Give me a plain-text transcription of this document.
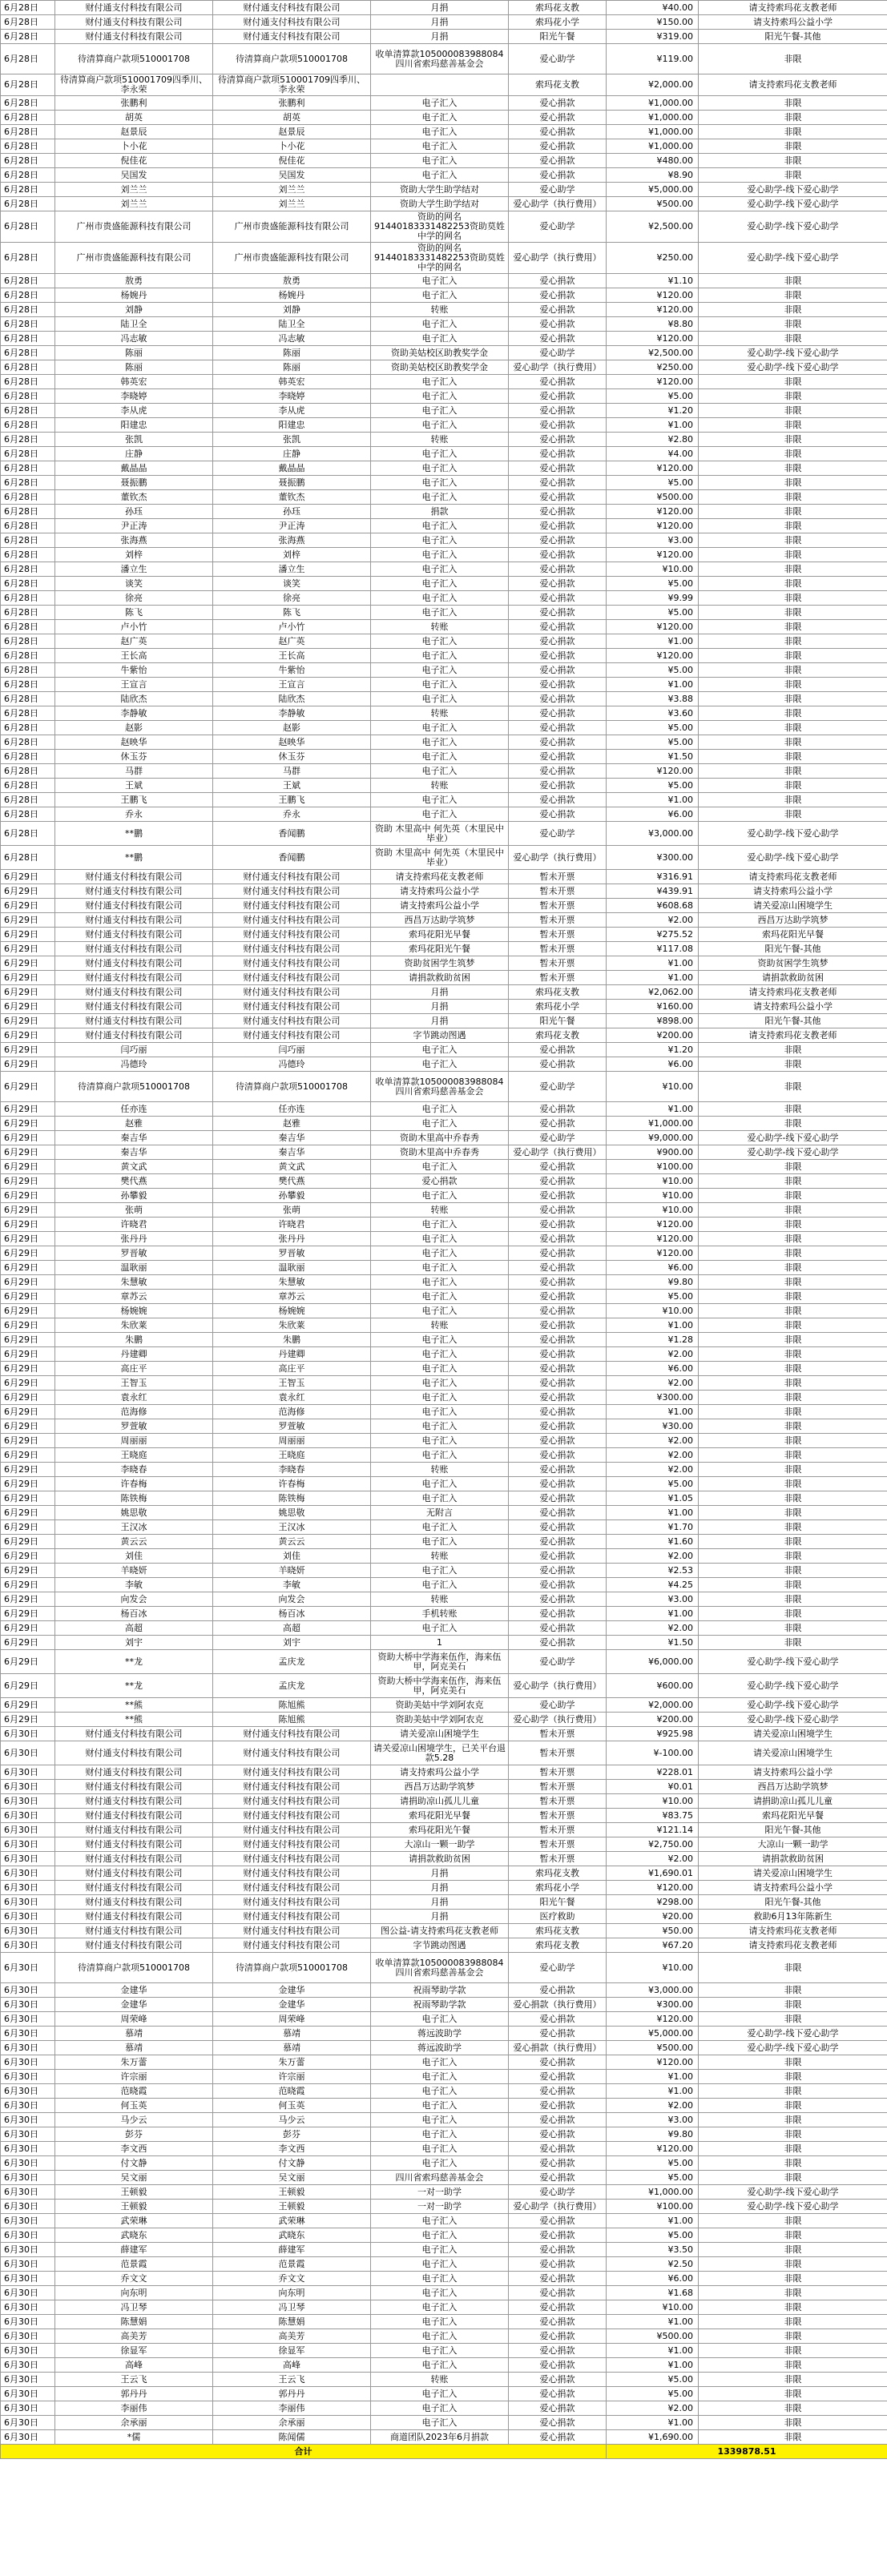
6月28日	财付通支付科技有限公司	财付通支付科技有限公司	月捐	索玛花支教	¥40.00	请支持索玛花支教老师
6月28日	财付通支付科技有限公司	财付通支付科技有限公司	月捐	索玛花小学	¥150.00	请支持索玛公益小学
6月28日	财付通支付科技有限公司	财付通支付科技有限公司	月捐	阳光午餐	¥319.00	阳光午餐-其他
6月28日	待清算商户款项510001708	待清算商户款项510001708	收单清算款105000083988084四川省索玛慈善基金会	爱心助学	¥119.00	非限
6月28日	待清算商户款项510001709四季川、李永荣	待清算商户款项510001709四季川、李永荣		索玛花支教	¥2,000.00	请支持索玛花支教老师
6月28日	张鹏利	张鹏利	电子汇入	爱心捐款	¥1,000.00	非限
6月28日	胡英	胡英	电子汇入	爱心捐款	¥1,000.00	非限
6月28日	赵景辰	赵景辰	电子汇入	爱心捐款	¥1,000.00	非限
6月28日	卜小花	卜小花	电子汇入	爱心捐款	¥1,000.00	非限
6月28日	倪佳花	倪佳花	电子汇入	爱心捐款	¥480.00	非限
6月28日	吴国发	吴国发	电子汇入	爱心捐款	¥8.90	非限
6月28日	刘兰兰	刘兰兰	资助大学生助学结对	爱心助学	¥5,000.00	爱心助学-线下爱心助学
6月28日	刘兰兰	刘兰兰	资助大学生助学结对	爱心助学（执行费用）	¥500.00	爱心助学-线下爱心助学
6月28日	广州市贵盛能源科技有限公司	广州市贵盛能源科技有限公司	资助的网名91440183331482253资助莫姓中学的网名	爱心助学	¥2,500.00	爱心助学-线下爱心助学
6月28日	广州市贵盛能源科技有限公司	广州市贵盛能源科技有限公司	资助的网名91440183331482253资助莫姓中学的网名	爱心助学（执行费用）	¥250.00	爱心助学-线下爱心助学
6月28日	敖勇	敖勇	电子汇入	爱心捐款	¥1.10	非限
6月28日	杨婉丹	杨婉丹	电子汇入	爱心捐款	¥120.00	非限
6月28日	刘静	刘静	转账	爱心捐款	¥120.00	非限
6月28日	陆卫全	陆卫全	电子汇入	爱心捐款	¥8.80	非限
6月28日	冯志敏	冯志敏	电子汇入	爱心捐款	¥120.00	非限
6月28日	陈丽	陈丽	资助美姑校区助教奖学金	爱心助学	¥2,500.00	爱心助学-线下爱心助学
6月28日	陈丽	陈丽	资助美姑校区助教奖学金	爱心助学（执行费用）	¥250.00	爱心助学-线下爱心助学
6月28日	韩英宏	韩英宏	电子汇入	爱心捐款	¥120.00	非限
6月28日	李晓婷	李晓婷	电子汇入	爱心捐款	¥5.00	非限
6月28日	李从虎	李从虎	电子汇入	爱心捐款	¥1.20	非限
6月28日	阳建忠	阳建忠	电子汇入	爱心捐款	¥1.00	非限
6月28日	张凯	张凯	转账	爱心捐款	¥2.80	非限
6月28日	庄静	庄静	电子汇入	爱心捐款	¥4.00	非限
6月28日	戴晶晶	戴晶晶	电子汇入	爱心捐款	¥120.00	非限
6月28日	聂振鹏	聂振鹏	电子汇入	爱心捐款	¥5.00	非限
6月28日	董钦杰	董钦杰	电子汇入	爱心捐款	¥500.00	非限
6月28日	孙珏	孙珏	捐款	爱心捐款	¥120.00	非限
6月28日	尹正涛	尹正涛	电子汇入	爱心捐款	¥120.00	非限
6月28日	张海燕	张海燕	电子汇入	爱心捐款	¥3.00	非限
6月28日	刘梓	刘梓	电子汇入	爱心捐款	¥120.00	非限
6月28日	潘立生	潘立生	电子汇入	爱心捐款	¥10.00	非限
6月28日	谈笑	谈笑	电子汇入	爱心捐款	¥5.00	非限
6月28日	徐亮	徐亮	电子汇入	爱心捐款	¥9.99	非限
6月28日	陈飞	陈飞	电子汇入	爱心捐款	¥5.00	非限
6月28日	卢小竹	卢小竹	转账	爱心捐款	¥120.00	非限
6月28日	赵广英	赵广英	电子汇入	爱心捐款	¥1.00	非限
6月28日	王长高	王长高	电子汇入	爱心捐款	¥120.00	非限
6月28日	牛紫怡	牛紫怡	电子汇入	爱心捐款	¥5.00	非限
6月28日	王宣言	王宣言	电子汇入	爱心捐款	¥1.00	非限
6月28日	陆欣杰	陆欣杰	电子汇入	爱心捐款	¥3.88	非限
6月28日	李静敏	李静敏	转账	爱心捐款	¥3.60	非限
6月28日	赵影	赵影	电子汇入	爱心捐款	¥5.00	非限
6月28日	赵映华	赵映华	电子汇入	爱心捐款	¥5.00	非限
6月28日	休玉芬	休玉芬	电子汇入	爱心捐款	¥1.50	非限
6月28日	马群	马群	电子汇入	爱心捐款	¥120.00	非限
6月28日	王斌	王斌	转账	爱心捐款	¥5.00	非限
6月28日	王鹏飞	王鹏飞	电子汇入	爱心捐款	¥1.00	非限
6月28日	乔永	乔永	电子汇入	爱心捐款	¥6.00	非限
6月28日	**鹏	香闻鹏	资助 木里高中 何先英（木里民中毕业）	爱心助学	¥3,000.00	爱心助学-线下爱心助学
6月28日	**鹏	香闻鹏	资助 木里高中 何先英（木里民中毕业）	爱心助学（执行费用）	¥300.00	爱心助学-线下爱心助学
6月29日	财付通支付科技有限公司	财付通支付科技有限公司	请支持索玛花支教老师	暂未开票	¥316.91	请支持索玛花支教老师
6月29日	财付通支付科技有限公司	财付通支付科技有限公司	请支持索玛公益小学	暂未开票	¥439.91	请支持索玛公益小学
6月29日	财付通支付科技有限公司	财付通支付科技有限公司	请支持索玛公益小学	暂未开票	¥608.68	请关爱凉山困境学生
6月29日	财付通支付科技有限公司	财付通支付科技有限公司	西昌万达助学筑梦	暂未开票	¥2.00	西昌万达助学筑梦
6月29日	财付通支付科技有限公司	财付通支付科技有限公司	索玛花阳光早餐	暂未开票	¥275.52	索玛花阳光早餐
6月29日	财付通支付科技有限公司	财付通支付科技有限公司	索玛花阳光午餐	暂未开票	¥117.08	阳光午餐-其他
6月29日	财付通支付科技有限公司	财付通支付科技有限公司	资助贫困学生筑梦	暂未开票	¥1.00	资助贫困学生筑梦
6月29日	财付通支付科技有限公司	财付通支付科技有限公司	请捐款救助贫困	暂未开票	¥1.00	请捐款救助贫困
6月29日	财付通支付科技有限公司	财付通支付科技有限公司	月捐	索玛花支教	¥2,062.00	请支持索玛花支教老师
6月29日	财付通支付科技有限公司	财付通支付科技有限公司	月捐	索玛花小学	¥160.00	请支持索玛公益小学
6月29日	财付通支付科技有限公司	财付通支付科技有限公司	月捐	阳光午餐	¥898.00	阳光午餐-其他
6月29日	财付通支付科技有限公司	财付通支付科技有限公司	字节跳动图遇	索玛花支教	¥200.00	请支持索玛花支教老师
6月29日	闫巧丽	闫巧丽	电子汇入	爱心捐款	¥1.20	非限
6月29日	冯德玲	冯德玲	电子汇入	爱心捐款	¥6.00	非限
6月29日	待清算商户款项510001708	待清算商户款项510001708	收单清算款105000083988084四川省索玛慈善基金会	爱心助学	¥10.00	非限
6月29日	任亦连	任亦连	电子汇入	爱心捐款	¥1.00	非限
6月29日	赵雅	赵雅	电子汇入	爱心捐款	¥1,000.00	非限
6月29日	秦吉华	秦吉华	资助木里高中乔春秀	爱心助学	¥9,000.00	爱心助学-线下爱心助学
6月29日	秦吉华	秦吉华	资助木里高中乔春秀	爱心助学（执行费用）	¥900.00	爱心助学-线下爱心助学
6月29日	黄文武	黄文武	电子汇入	爱心捐款	¥100.00	非限
6月29日	樊代燕	樊代燕	爱心捐款	爱心捐款	¥10.00	非限
6月29日	孙攀毅	孙攀毅	电子汇入	爱心捐款	¥10.00	非限
6月29日	张萌	张萌	转账	爱心捐款	¥10.00	非限
6月29日	许晓君	许晓君	电子汇入	爱心捐款	¥120.00	非限
6月29日	张丹丹	张丹丹	电子汇入	爱心捐款	¥120.00	非限
6月29日	罗晋敏	罗晋敏	电子汇入	爱心捐款	¥120.00	非限
6月29日	温耿丽	温耿丽	电子汇入	爱心捐款	¥6.00	非限
6月29日	朱慧敏	朱慧敏	电子汇入	爱心捐款	¥9.80	非限
6月29日	章苏云	章苏云	电子汇入	爱心捐款	¥5.00	非限
6月29日	杨婉婉	杨婉婉	电子汇入	爱心捐款	¥10.00	非限
6月29日	朱欣莱	朱欣莱	转账	爱心捐款	¥1.00	非限
6月29日	朱鹏	朱鹏	电子汇入	爱心捐款	¥1.28	非限
6月29日	丹建卿	丹建卿	电子汇入	爱心捐款	¥2.00	非限
6月29日	高庄平	高庄平	电子汇入	爱心捐款	¥6.00	非限
6月29日	王智玉	王智玉	电子汇入	爱心捐款	¥2.00	非限
6月29日	袁永红	袁永红	电子汇入	爱心捐款	¥300.00	非限
6月29日	范海修	范海修	电子汇入	爱心捐款	¥1.00	非限
6月29日	罗萱敏	罗萱敏	电子汇入	爱心捐款	¥30.00	非限
6月29日	周丽丽	周丽丽	电子汇入	爱心捐款	¥2.00	非限
6月29日	王晓庭	王晓庭	电子汇入	爱心捐款	¥2.00	非限
6月29日	李晓春	李晓春	转账	爱心捐款	¥2.00	非限
6月29日	许春梅	许春梅	电子汇入	爱心捐款	¥5.00	非限
6月29日	陈铁梅	陈铁梅	电子汇入	爱心捐款	¥1.05	非限
6月29日	姚思敬	姚思敬	无附言	爱心捐款	¥1.00	非限
6月29日	王汉冰	王汉冰	电子汇入	爱心捐款	¥1.70	非限
6月29日	黄云云	黄云云	电子汇入	爱心捐款	¥1.60	非限
6月29日	刘佳	刘佳	转账	爱心捐款	¥2.00	非限
6月29日	羊晓妍	羊晓妍	电子汇入	爱心捐款	¥2.53	非限
6月29日	李敏	李敏	电子汇入	爱心捐款	¥4.25	非限
6月29日	向发会	向发会	转账	爱心捐款	¥3.00	非限
6月29日	杨百冰	杨百冰	手机转账	爱心捐款	¥1.00	非限
6月29日	高超	高超	电子汇入	爱心捐款	¥2.00	非限
6月29日	刘宇	刘宇	1	爱心捐款	¥1.50	非限
6月29日	**龙	孟庆龙	资助大桥中学海来伍作，海来伍甲，阿克美石	爱心助学	¥6,000.00	爱心助学-线下爱心助学
6月29日	**龙	孟庆龙	资助大桥中学海来伍作，海来伍甲，阿克美石	爱心助学（执行费用）	¥600.00	爱心助学-线下爱心助学
6月29日	**熊	陈旭熊	资助美姑中学刘阿农克	爱心助学	¥2,000.00	爱心助学-线下爱心助学
6月29日	**熊	陈旭熊	资助美姑中学刘阿农克	爱心助学（执行费用）	¥200.00	爱心助学-线下爱心助学
6月30日	财付通支付科技有限公司	财付通支付科技有限公司	请关爱凉山困境学生	暂未开票	¥925.98	请关爱凉山困境学生
6月30日	财付通支付科技有限公司	财付通支付科技有限公司	请关爱凉山困境学生，已关平台退款5.28	暂未开票	¥-100.00	请关爱凉山困境学生
6月30日	财付通支付科技有限公司	财付通支付科技有限公司	请支持索玛公益小学	暂未开票	¥228.01	请支持索玛公益小学
6月30日	财付通支付科技有限公司	财付通支付科技有限公司	西昌万达助学筑梦	暂未开票	¥0.01	西昌万达助学筑梦
6月30日	财付通支付科技有限公司	财付通支付科技有限公司	请捐助凉山孤儿儿童	暂未开票	¥10.00	请捐助凉山孤儿儿童
6月30日	财付通支付科技有限公司	财付通支付科技有限公司	索玛花阳光早餐	暂未开票	¥83.75	索玛花阳光早餐
6月30日	财付通支付科技有限公司	财付通支付科技有限公司	索玛花阳光午餐	暂未开票	¥121.14	阳光午餐-其他
6月30日	财付通支付科技有限公司	财付通支付科技有限公司	大凉山一颗一助学	暂未开票	¥2,750.00	大凉山一颗一助学
6月30日	财付通支付科技有限公司	财付通支付科技有限公司	请捐款救助贫困	暂未开票	¥2.00	请捐款救助贫困
6月30日	财付通支付科技有限公司	财付通支付科技有限公司	月捐	索玛花支教	¥1,690.01	请关爱凉山困境学生
6月30日	财付通支付科技有限公司	财付通支付科技有限公司	月捐	索玛花小学	¥120.00	请支持索玛公益小学
6月30日	财付通支付科技有限公司	财付通支付科技有限公司	月捐	阳光午餐	¥298.00	阳光午餐-其他
6月30日	财付通支付科技有限公司	财付通支付科技有限公司	月捐	医疗救助	¥20.00	救助6月13年陈新生
6月30日	财付通支付科技有限公司	财付通支付科技有限公司	图公益-请支持索玛花支教老师	索玛花支教	¥50.00	请支持索玛花支教老师
6月30日	财付通支付科技有限公司	财付通支付科技有限公司	字节跳动图遇	索玛花支教	¥67.20	请支持索玛花支教老师
6月30日	待清算商户款项510001708	待清算商户款项510001708	收单清算款105000083988084四川省索玛慈善基金会	爱心助学	¥10.00	非限
6月30日	金建华	金建华	祝雨琴助学款	爱心捐款	¥3,000.00	非限
6月30日	金建华	金建华	祝雨琴助学款	爱心捐款（执行费用）	¥300.00	非限
6月30日	周荣峰	周荣峰	电子汇入	爱心捐款	¥120.00	非限
6月30日	慕靖	慕靖	蒋远波助学	爱心捐款	¥5,000.00	爱心助学-线下爱心助学
6月30日	慕靖	慕靖	蒋远波助学	爱心捐款（执行费用）	¥500.00	爱心助学-线下爱心助学
6月30日	朱万蕾	朱万蕾	电子汇入	爱心捐款	¥120.00	非限
6月30日	许宗丽	许宗丽	电子汇入	爱心捐款	¥1.00	非限
6月30日	范晓霞	范晓霞	电子汇入	爱心捐款	¥1.00	非限
6月30日	何玉英	何玉英	电子汇入	爱心捐款	¥2.00	非限
6月30日	马少云	马少云	电子汇入	爱心捐款	¥3.00	非限
6月30日	彭芬	彭芬	电子汇入	爱心捐款	¥9.80	非限
6月30日	李文西	李文西	电子汇入	爱心捐款	¥120.00	非限
6月30日	付文静	付文静	电子汇入	爱心捐款	¥5.00	非限
6月30日	吴文丽	吴文丽	四川省索玛慈善基金会	爱心捐款	¥5.00	非限
6月30日	王顿毅	王顿毅	一对一助学	爱心助学	¥1,000.00	爱心助学-线下爱心助学
6月30日	王顿毅	王顿毅	一对一助学	爱心助学（执行费用）	¥100.00	爱心助学-线下爱心助学
6月30日	武荣琳	武荣琳	电子汇入	爱心捐款	¥1.00	非限
6月30日	武晓东	武晓东	电子汇入	爱心捐款	¥5.00	非限
6月30日	薛建军	薛建军	电子汇入	爱心捐款	¥3.50	非限
6月30日	范景霞	范景霞	电子汇入	爱心捐款	¥2.50	非限
6月30日	乔文文	乔文文	电子汇入	爱心捐款	¥6.00	非限
6月30日	向东明	向东明	电子汇入	爱心捐款	¥1.68	非限
6月30日	冯卫琴	冯卫琴	电子汇入	爱心捐款	¥10.00	非限
6月30日	陈慧娟	陈慧娟	电子汇入	爱心捐款	¥1.00	非限
6月30日	高美芳	高美芳	电子汇入	爱心捐款	¥500.00	非限
6月30日	徐显军	徐显军	电子汇入	爱心捐款	¥1.00	非限
6月30日	高峰	高峰	电子汇入	爱心捐款	¥1.00	非限
6月30日	王云飞	王云飞	转账	爱心捐款	¥5.00	非限
6月30日	郭丹丹	郭丹丹	电子汇入	爱心捐款	¥5.00	非限
6月30日	李丽伟	李丽伟	电子汇入	爱心捐款	¥2.00	非限
6月30日	余承丽	余承丽	电子汇入	爱心捐款	¥1.00	非限
6月30日	*儒	陈闻儒	商道团队2023年6月捐款	爱心捐款	¥1,690.00	非限
合计					1339878.51	
